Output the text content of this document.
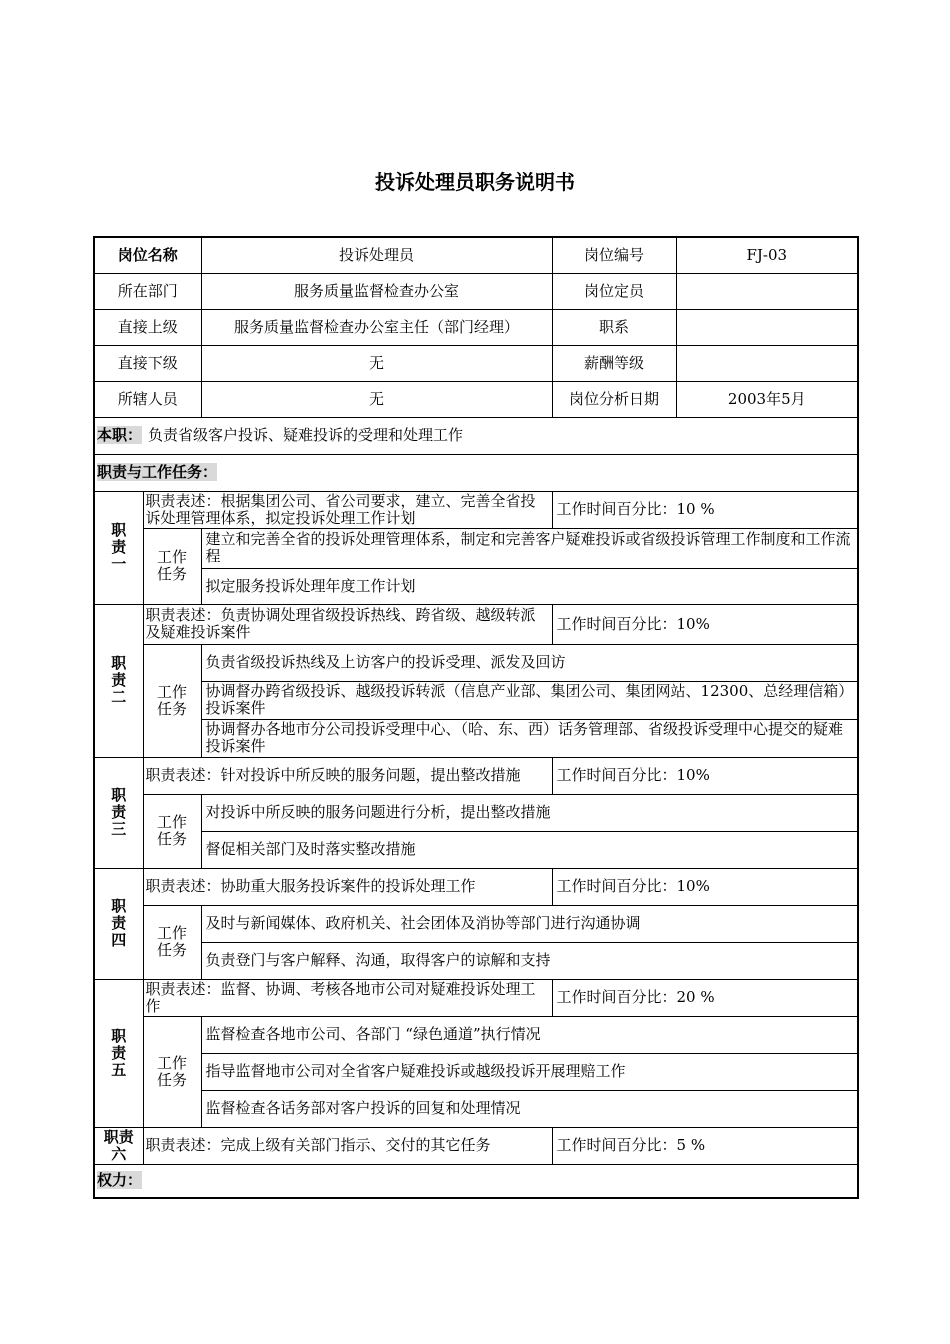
投诉处理员职务说明书
岗位名称		投诉处理员	岗位编号	FJ-03
所在部门		服务质量监督检查办公室	岗位定员	
直接上级		服务质量监督检查办公室主任（部门经理）	职系	
直接下级		无	薪酬等级	
所辖人员		无	岗位分析日期	2003年5月
本职： 负责省级客户投诉、疑难投诉的受理和处理工作				
职责与工作任务：				
职责一	职责表述：根据集团公司、省公司要求，建立、完善全省投诉处理管理体系，拟定投诉处理工作计划		工作时间百分比：10 %	
	工作任务	建立和完善全省的投诉处理管理体系，制定和完善客户疑难投诉或省级投诉管理工作制度和工作流程		
		拟定服务投诉处理年度工作计划		
职责二	职责表述：负责协调处理省级投诉热线、跨省级、越级转派及疑难投诉案件		工作时间百分比：10%	
	工作任务	负责省级投诉热线及上访客户的投诉受理、派发及回访		
		协调督办跨省级投诉、越级投诉转派（信息产业部、集团公司、集团网站、12300、总经理信箱）投诉案件		
		协调督办各地市分公司投诉受理中心、（哈、东、西）话务管理部、省级投诉受理中心提交的疑难投诉案件		
职责三	职责表述：针对投诉中所反映的服务问题，提出整改措施		工作时间百分比：10%	
	工作任务	对投诉中所反映的服务问题进行分析，提出整改措施		
		督促相关部门及时落实整改措施		
职责四	职责表述：协助重大服务投诉案件的投诉处理工作		工作时间百分比：10%	
	工作任务	及时与新闻媒体、政府机关、社会团体及消协等部门进行沟通协调		
		负责登门与客户解释、沟通，取得客户的谅解和支持		
职责五	职责表述：监督、协调、考核各地市公司对疑难投诉处理工作		工作时间百分比：20 %	
	工作任务	监督检查各地市公司、各部门 “绿色通道”执行情况		
		指导监督地市公司对全省客户疑难投诉或越级投诉开展理赔工作		
		监督检查各话务部对客户投诉的回复和处理情况		
职责六	职责表述：完成上级有关部门指示、交付的其它任务		工作时间百分比：5 %	
权力：				
